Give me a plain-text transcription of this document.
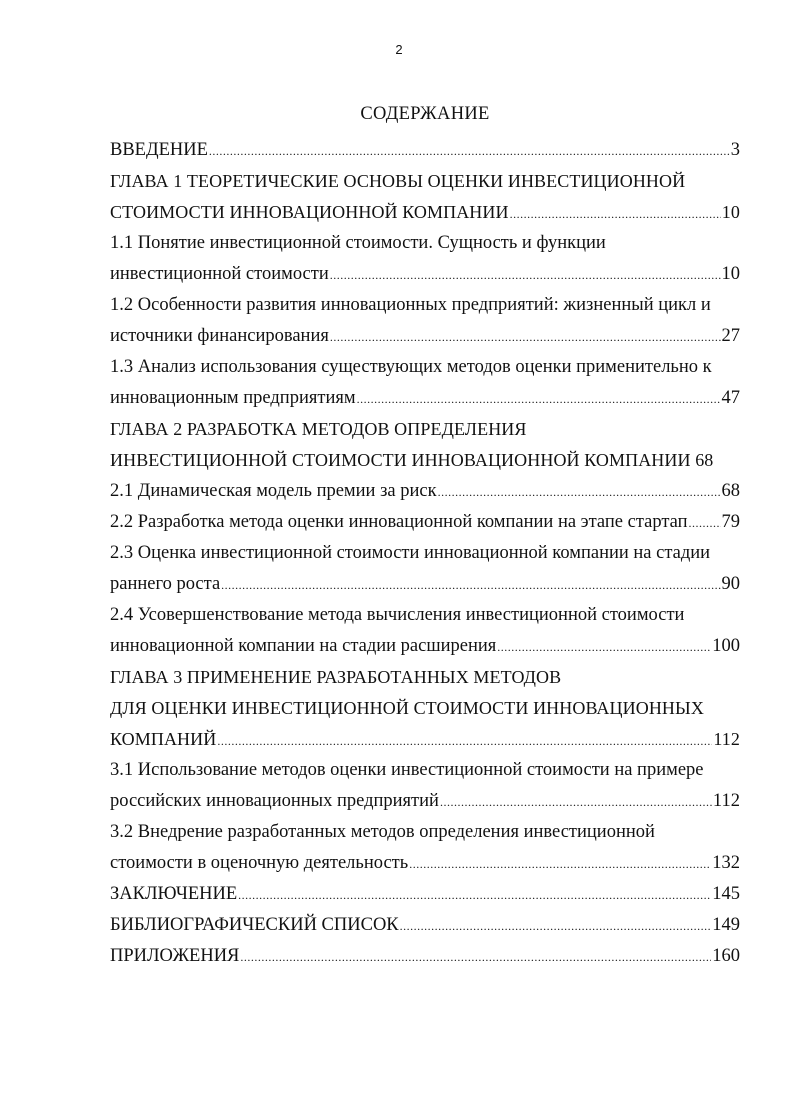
2
СОДЕРЖАНИЕ
ВВЕДЕНИЕ .....	3
ГЛАВА 1 ТЕОРЕТИЧЕСКИЕ ОСНОВЫ ОЦЕНКИ ИНВЕСТИЦИОННОЙ
СТОИМОСТИ ИННОВАЦИОННОЙ КОМПАНИИ .....	10
1.1 Понятие инвестиционной стоимости. Сущность и функции
инвестиционной стоимости .....	10
1.2 Особенности развития инновационных предприятий: жизненный цикл и
источники финансирования .....	27
1.3 Анализ использования существующих методов оценки применительно к
инновационным предприятиям .....	47
ГЛАВА 2 РАЗРАБОТКА МЕТОДОВ ОПРЕДЕЛЕНИЯ
ИНВЕСТИЦИОННОЙ СТОИМОСТИ ИННОВАЦИОННОЙ КОМПАНИИ 68
2.1 Динамическая модель премии за риск .....	68
2.2 Разработка метода оценки инновационной компании на этапе стартап ..... 79
2.3 Оценка инвестиционной стоимости инновационной компании на стадии
раннего роста .....	90
2.4 Усовершенствование метода вычисления инвестиционной стоимости
инновационной компании на стадии расширения .....	100
ГЛАВА 3 ПРИМЕНЕНИЕ РАЗРАБОТАННЫХ МЕТОДОВ
ДЛЯ ОЦЕНКИ ИНВЕСТИЦИОННОЙ СТОИМОСТИ ИННОВАЦИОННЫХ
КОМПАНИЙ .....	112
3.1 Использование методов оценки инвестиционной стоимости на примере
российских инновационных предприятий .....	112
3.2 Внедрение разработанных методов определения инвестиционной
стоимости в оценочную деятельность .....	132
ЗАКЛЮЧЕНИЕ .....	145
БИБЛИОГРАФИЧЕСКИЙ СПИСОК .....	149
ПРИЛОЖЕНИЯ .....	160
